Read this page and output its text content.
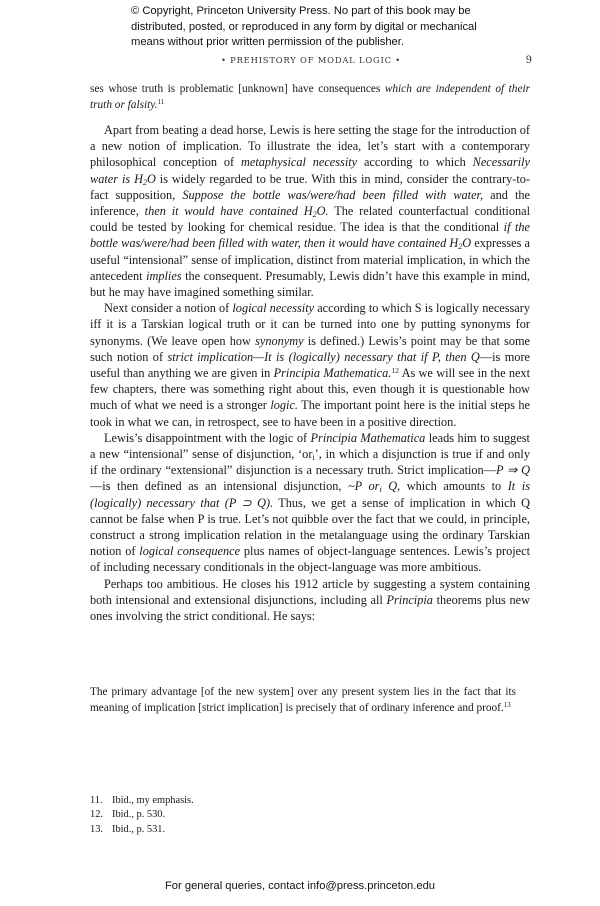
© Copyright, Princeton University Press. No part of this book may be
distributed, posted, or reproduced in any form by digital or mechanical
means without prior written permission of the publisher.
• PREHISTORY OF MODAL LOGIC •	9

ses whose truth is problematic [unknown] have consequences which are independent of their truth or falsity.$^{11}$

Apart from beating a dead horse, Lewis is here setting the stage for the introduction of a new notion of implication. To illustrate the idea, let’s start with a contemporary philosophical conception of metaphysical necessity according to which Necessarily water is $H_2O$ is widely regarded to be true. With this in mind, consider the contrary-to-fact supposition, Suppose the bottle was/were/had been filled with water, and the inference, then it would have contained $H_2O$. The related counterfactual conditional could be tested by looking for chemical residue. The idea is that the conditional if the bottle was/were/had been filled with water, then it would have contained $H_2O$ expresses a useful “intensional” sense of implication, distinct from material implication, in which the antecedent implies the consequent. Presumably, Lewis didn’t have this example in mind, but he may have imagined something similar.

Next consider a notion of logical necessity according to which S is logically necessary iff it is a Tarskian logical truth or it can be turned into one by putting synonyms for synonyms. (We leave open how synonymy is defined.) Lewis’s point may be that some such notion of strict implication—It is (logically) necessary that if P, then Q—is more useful than anything we are given in Principia Mathematica.$^{12}$ As we will see in the next few chapters, there was something right about this, even though it is questionable how much of what we need is a stronger logic. The important point here is the initial steps he took in what we can, in retrospect, see to have been in a positive direction.

Lewis’s disappointment with the logic of Principia Mathematica leads him to suggest a new “intensional” sense of disjunction, ‘$or_i$’, in which a disjunction is true if and only if the ordinary “extensional” disjunction is a necessary truth. Strict implication—P ⇒ Q—is then defined as an intensional disjunction, ~P $or_i$ Q, which amounts to It is (logically) necessary that (P ⊃ Q). Thus, we get a sense of implication in which Q cannot be false when P is true. Let’s not quibble over the fact that we could, in principle, construct a strong implication relation in the metalanguage using the ordinary Tarskian notion of logical consequence plus names of object-language sentences. Lewis’s project of including necessary conditionals in the object-language was more ambitious.

Perhaps too ambitious. He closes his 1912 article by suggesting a system containing both intensional and extensional disjunctions, including all Principia theorems plus new ones involving the strict conditional. He says:

The primary advantage [of the new system] over any present system lies in the fact that its meaning of implication [strict implication] is precisely that of ordinary inference and proof.$^{13}$

11. Ibid., my emphasis.
12. Ibid., p. 530.
13. Ibid., p. 531.
For general queries, contact info@press.princeton.edu
